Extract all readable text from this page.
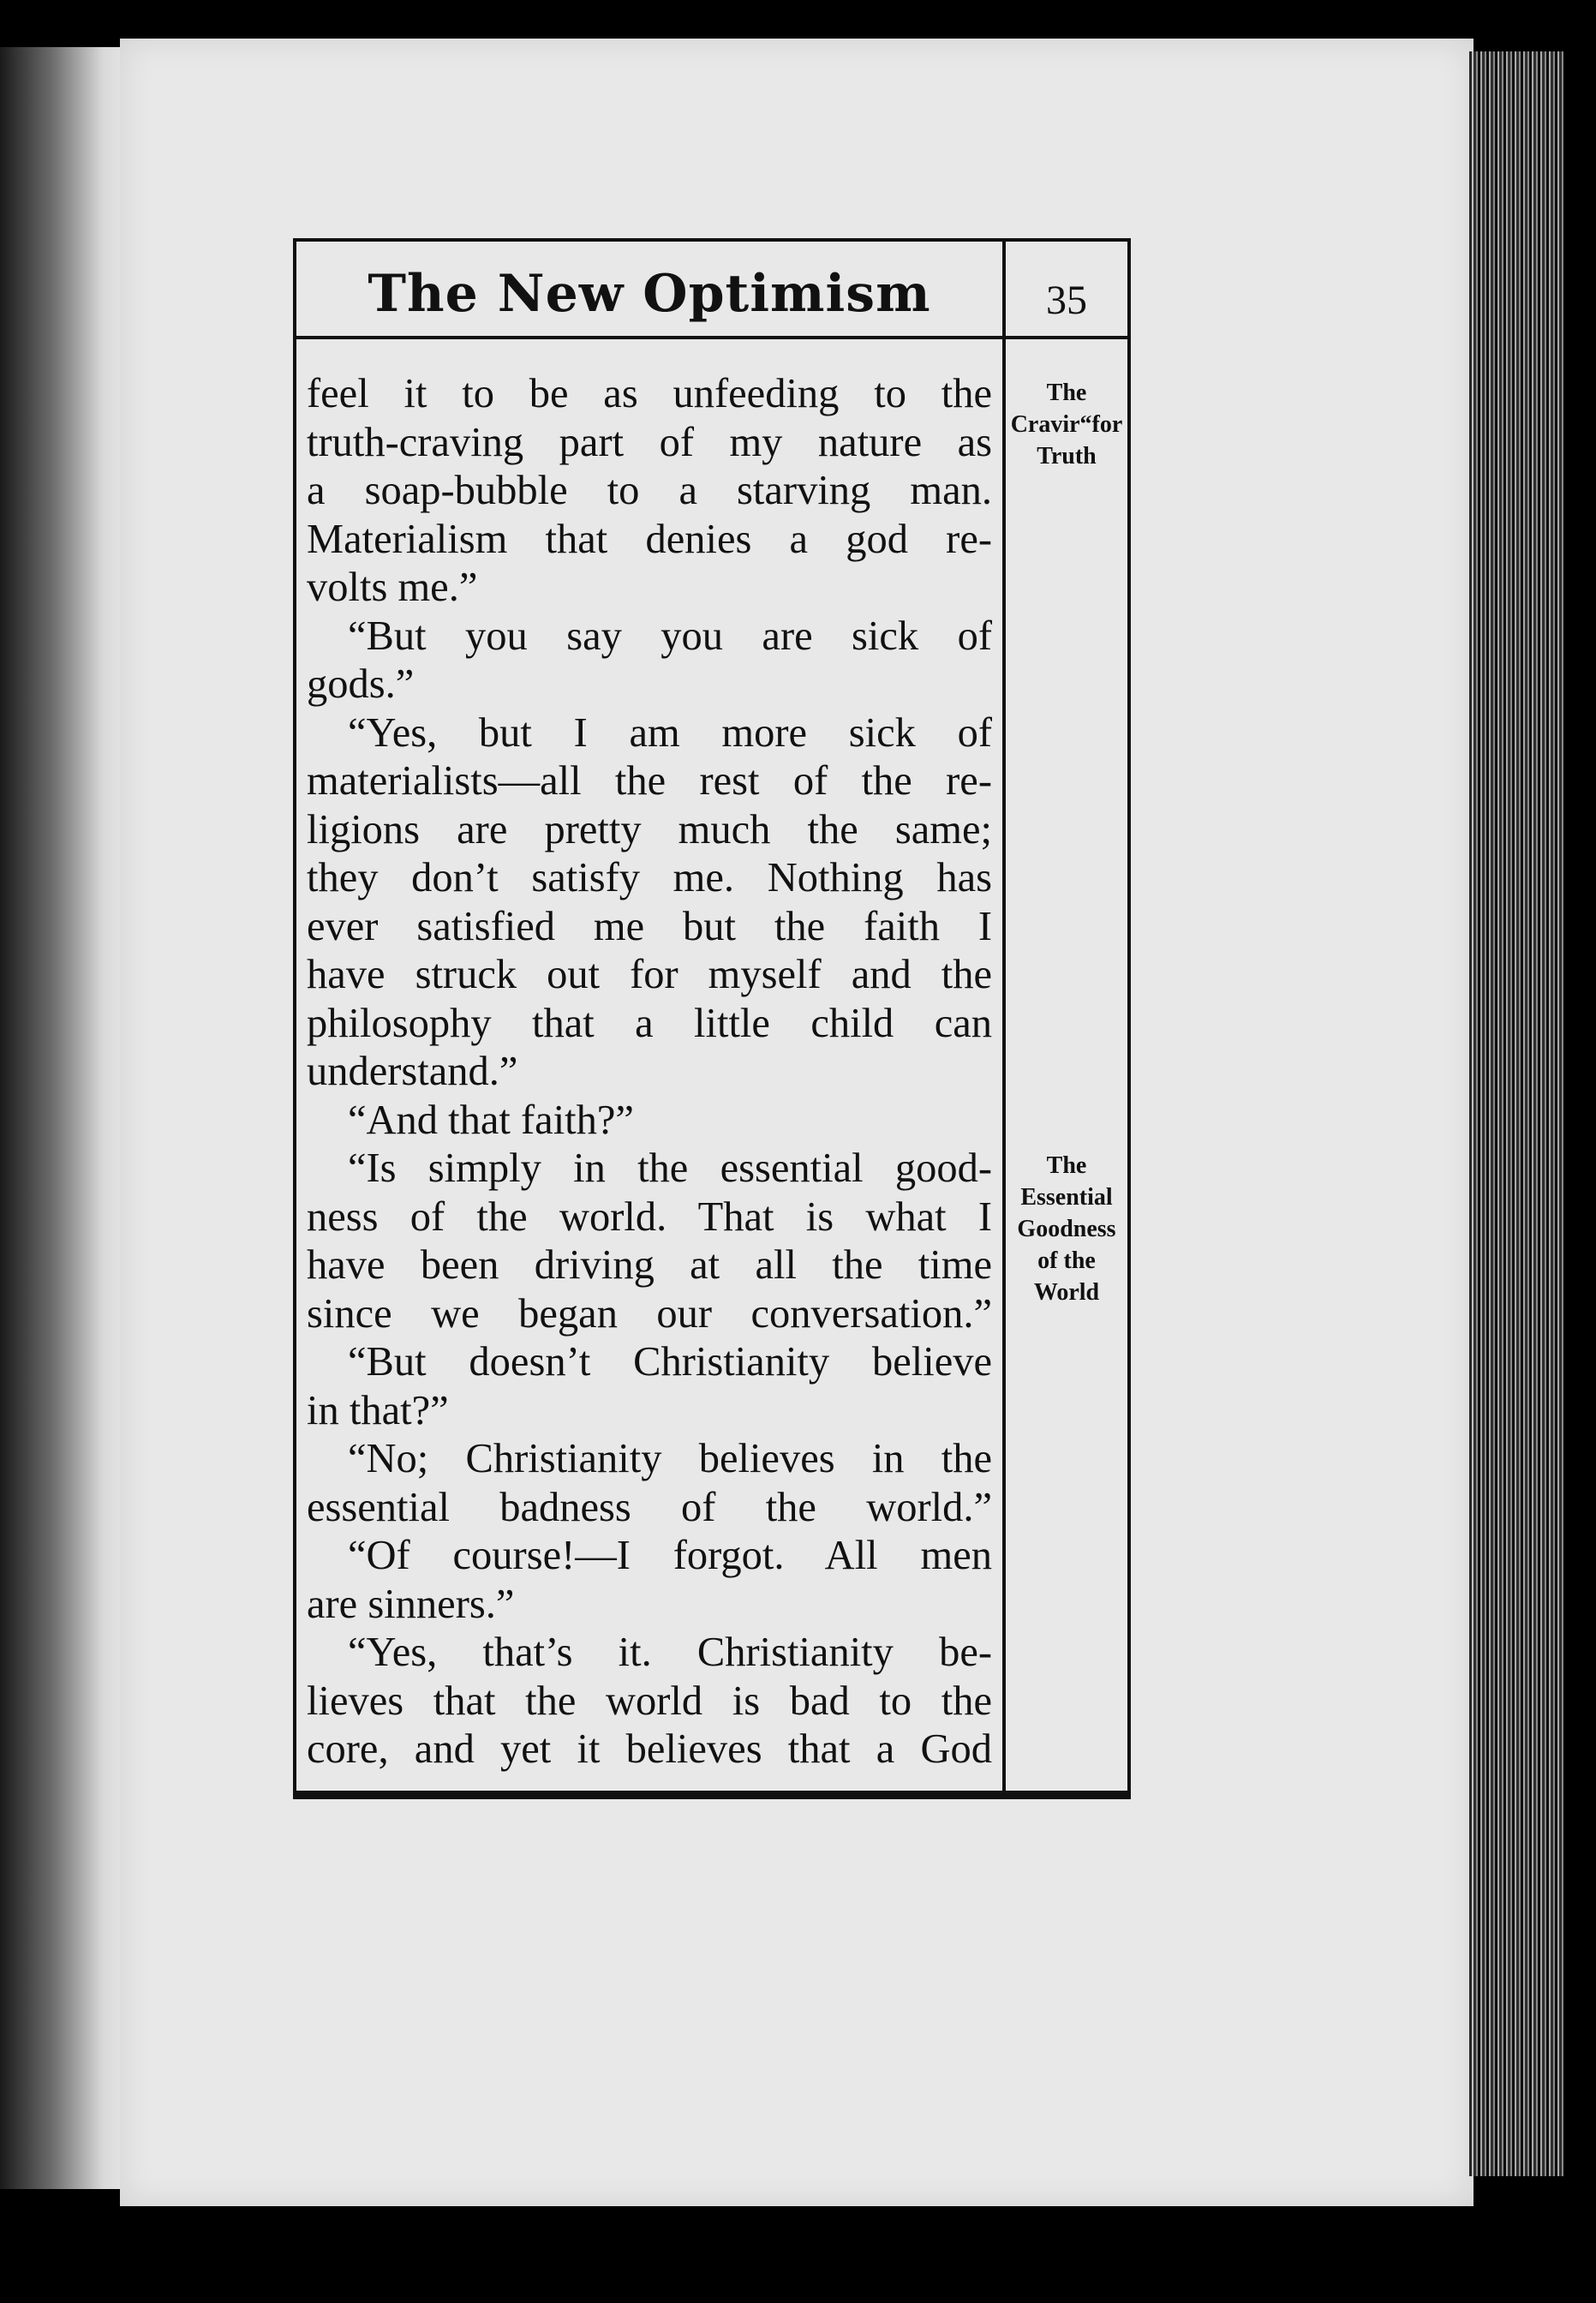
The New Optimism	35
feel it to be as unfeeding to the
truth-craving part of my nature as
a soap-bubble to a starving man.
Materialism that denies a god re-
volts me.”
“But you say you are sick of
gods.”
“Yes, but I am more sick of
materialists—all the rest of the re-
ligions are pretty much the same;
they don’t satisfy me. Nothing has
ever satisfied me but the faith I
have struck out for myself and the
philosophy that a little child can
understand.”
“And that faith?”
“Is simply in the essential good-
ness of the world. That is what I
have been driving at all the time
since we began our conversation.”
“But doesn’t Christianity believe
in that?”
“No; Christianity believes in the
essential badness of the world.”
“Of course!—I forgot. All men
are sinners.”
“Yes, that’s it. Christianity be-
lieves that the world is bad to the
core, and yet it believes that a God
The
Cravir“for
Truth
The
Essential
Goodness
of the
World
